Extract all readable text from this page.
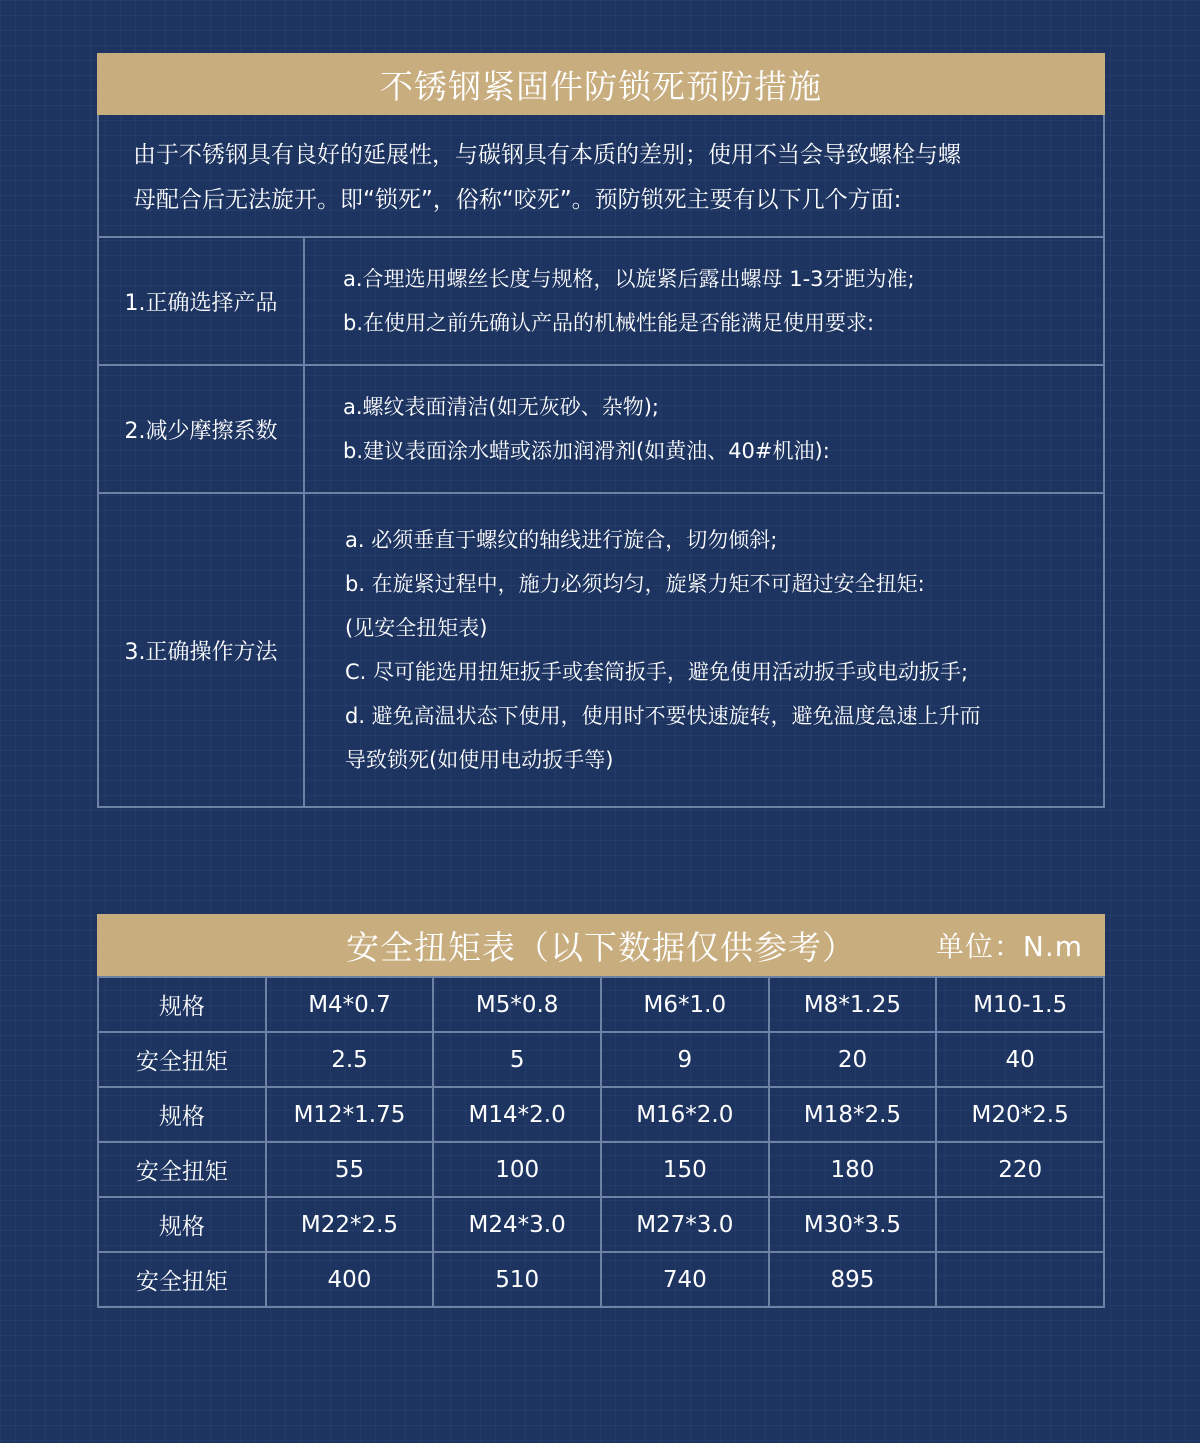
不锈钢紧固件防锁死预防措施
由于不锈钢具有良好的延展性，与碳钢具有本质的差别；使用不当会导致螺栓与螺
母配合后无法旋开。即“锁死”，俗称“咬死”。预防锁死主要有以下几个方面:
1.正确选择产品
a.合理选用螺丝长度与规格，以旋紧后露出螺母 1-3牙距为准;
b.在使用之前先确认产品的机械性能是否能满足使用要求:
2.减少摩擦系数
a.螺纹表面清洁(如无灰砂、杂物);
b.建议表面涂水蜡或添加润滑剂(如黄油、40#机油):
3.正确操作方法
a. 必须垂直于螺纹的轴线进行旋合，切勿倾斜;
b. 在旋紧过程中，施力必须均匀，旋紧力矩不可超过安全扭矩:
(见安全扭矩表)
C. 尽可能选用扭矩扳手或套筒扳手，避免使用活动扳手或电动扳手;
d. 避免高温状态下使用，使用时不要快速旋转，避免温度急速上升而
导致锁死(如使用电动扳手等)
安全扭矩表（以下数据仅供参考）	单位：N.m
规格	M4*0.7	M5*0.8	M6*1.0	M8*1.25	M10-1.5
安全扭矩	2.5	5	9	20	40
规格	M12*1.75	M14*2.0	M16*2.0	M18*2.5	M20*2.5
安全扭矩	55	100	150	180	220
规格	M22*2.5	M24*3.0	M27*3.0	M30*3.5	
安全扭矩	400	510	740	895	
